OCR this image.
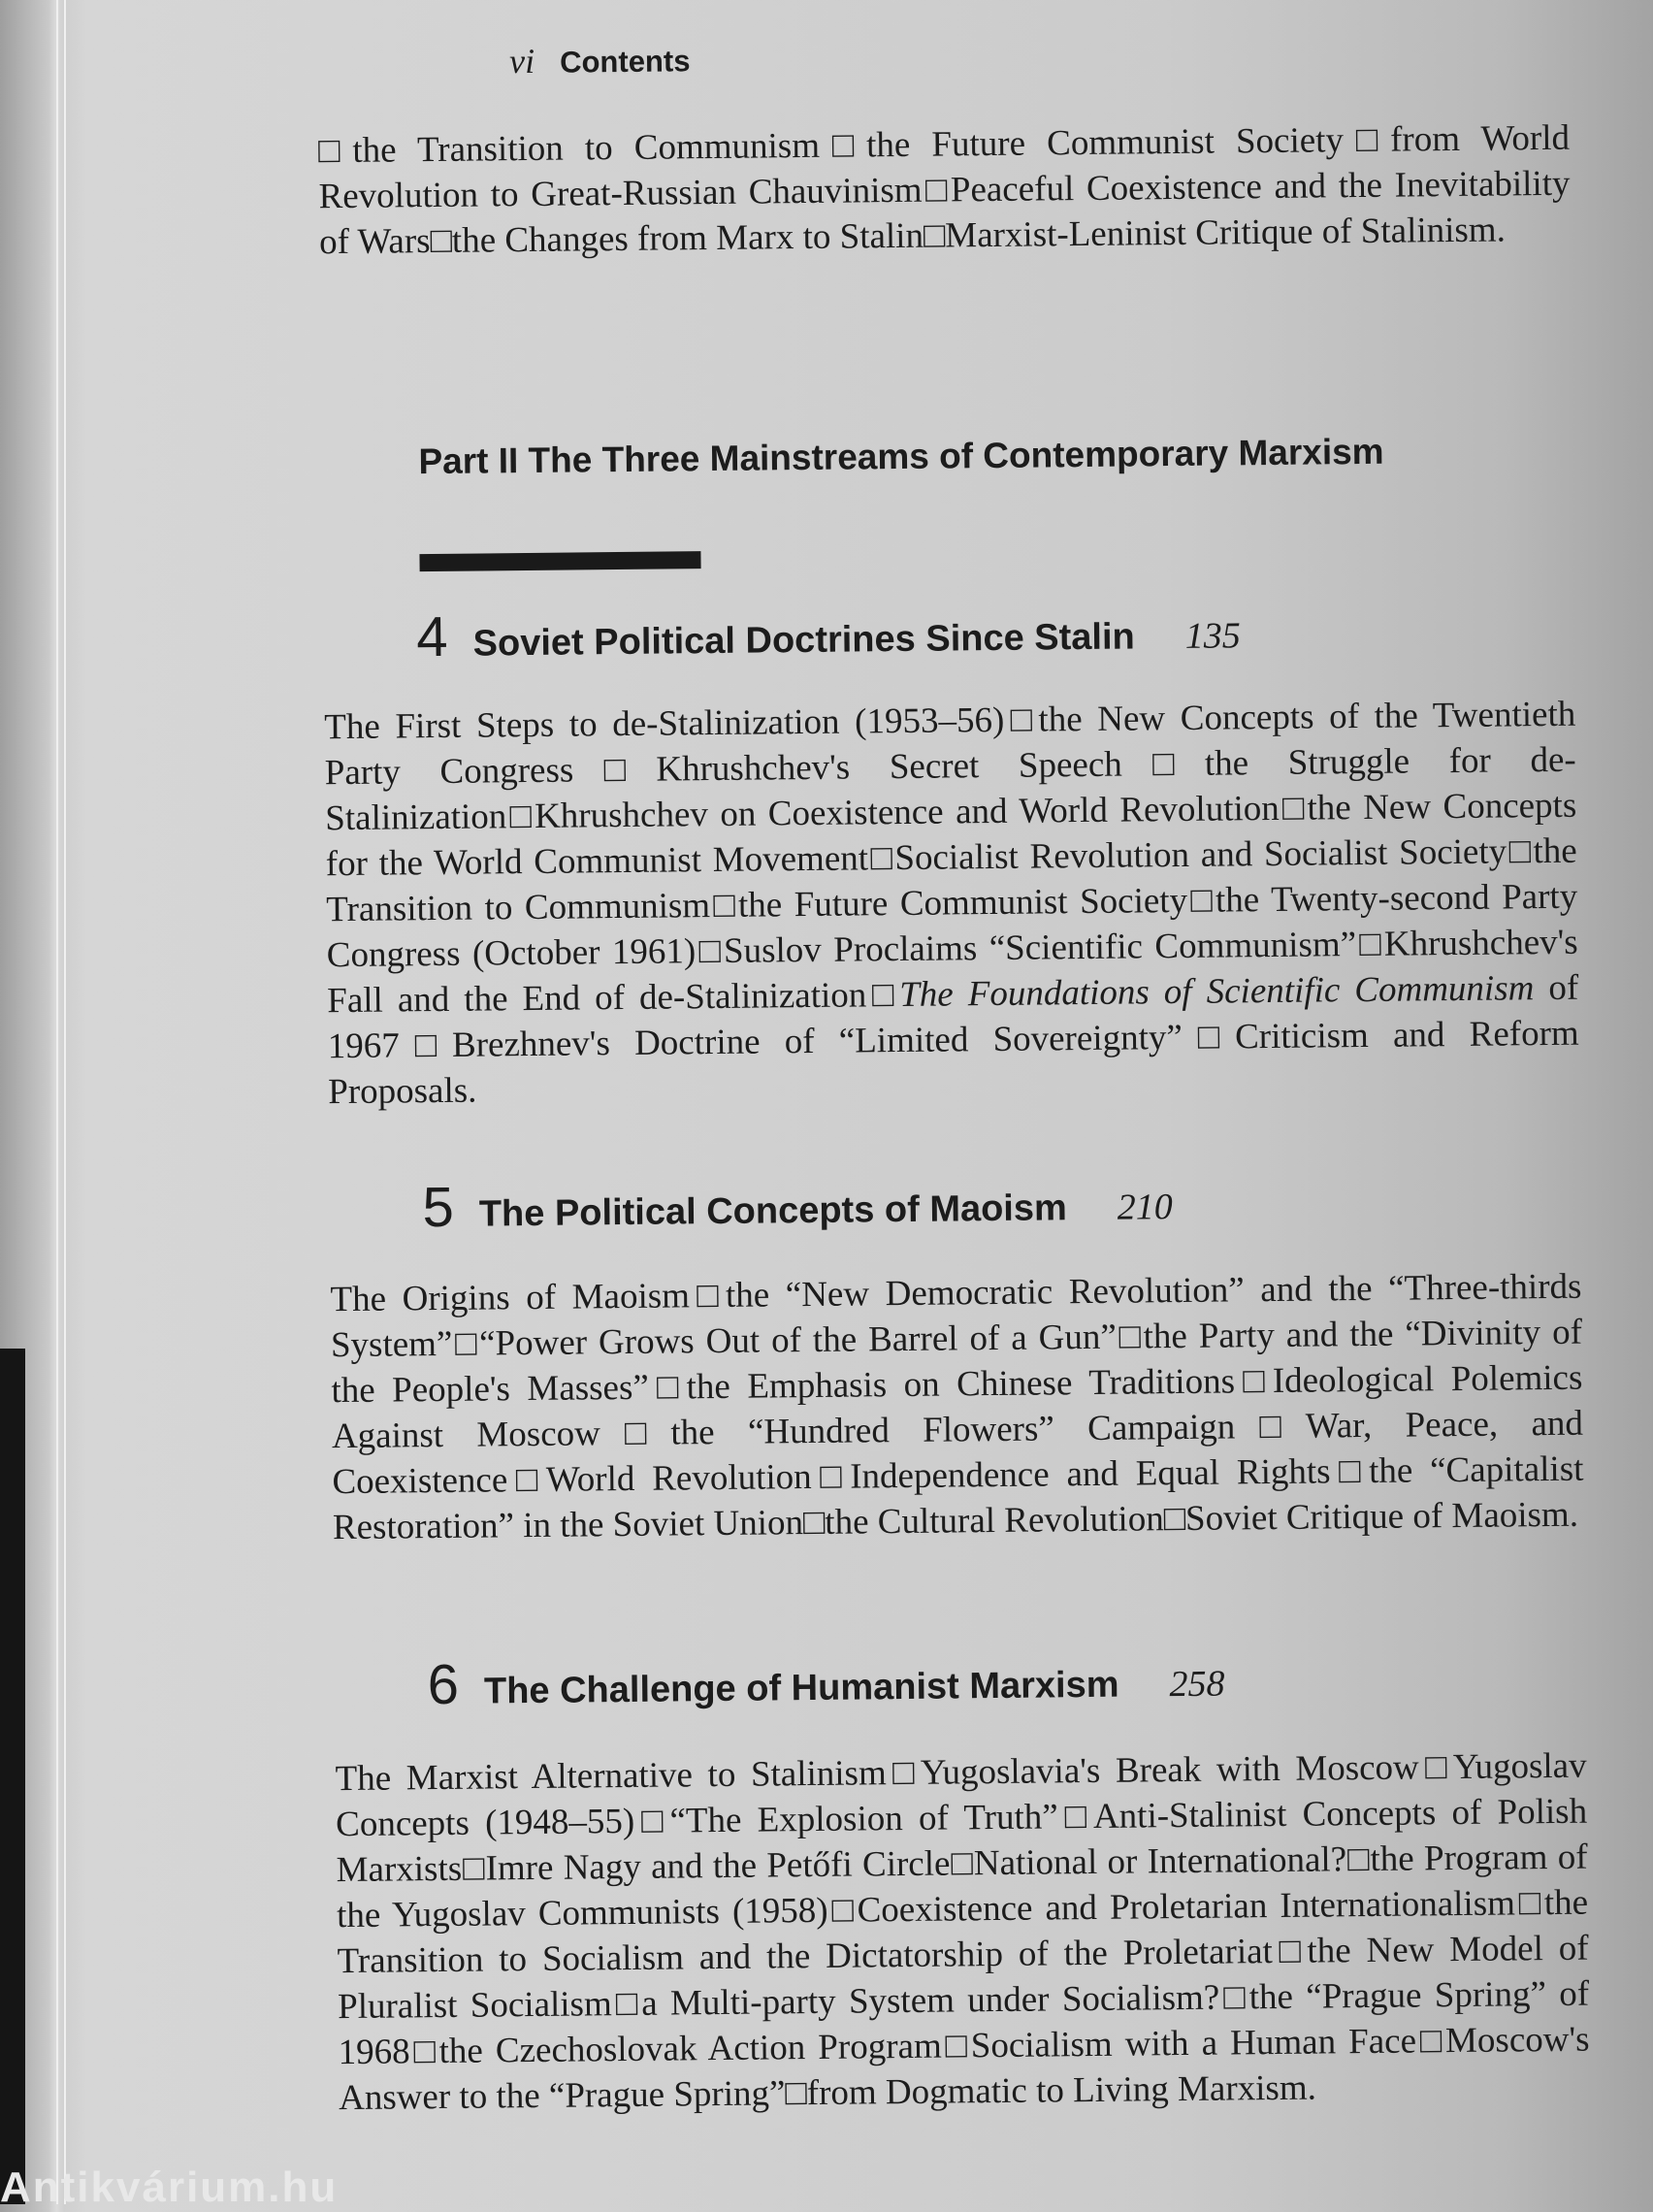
vi Contents
□the Transition to Communism□the Future Communist Society□from World Revolution to Great-Russian Chauvinism□Peaceful Coexistence and the Inevitability of Wars□the Changes from Marx to Stalin□Marxist-Leninist Critique of Stalinism.
Part II The Three Mainstreams of Contemporary Marxism
4 Soviet Political Doctrines Since Stalin 135
The First Steps to de-Stalinization (1953–56)□the New Concepts of the Twentieth Party Congress□Khrushchev's Secret Speech□the Struggle for de-Stalinization□Khrushchev on Coexistence and World Revolution□the New Concepts for the World Communist Movement□Socialist Revolution and Socialist Society□the Transition to Communism□the Future Communist Society□the Twenty-second Party Congress (October 1961)□Suslov Proclaims “Scientific Communism”□Khrushchev's Fall and the End of de-Stalinization□The Foundations of Scientific Communism of 1967□Brezhnev's Doctrine of “Limited Sovereignty”□Criticism and Reform Proposals.
5 The Political Concepts of Maoism 210
The Origins of Maoism□the “New Democratic Revolution” and the “Three-thirds System”□“Power Grows Out of the Barrel of a Gun”□the Party and the “Divinity of the People's Masses”□the Emphasis on Chinese Traditions□Ideological Polemics Against Moscow□the “Hundred Flowers” Campaign□War, Peace, and Coexistence□World Revolution□Independence and Equal Rights□the “Capitalist Restoration” in the Soviet Union□the Cultural Revolution□Soviet Critique of Maoism.
6 The Challenge of Humanist Marxism 258
The Marxist Alternative to Stalinism□Yugoslavia's Break with Moscow□Yugoslav Concepts (1948–55)□“The Explosion of Truth”□Anti-Stalinist Concepts of Polish Marxists□Imre Nagy and the Petőfi Circle□National or International?□the Program of the Yugoslav Communists (1958)□Coexistence and Proletarian Internationalism□the Transition to Socialism and the Dictatorship of the Proletariat□the New Model of Pluralist Socialism□a Multi-party System under Socialism?□the “Prague Spring” of 1968□the Czechoslovak Action Program□Socialism with a Human Face□Moscow's Answer to the “Prague Spring”□from Dogmatic to Living Marxism.
Antikvárium.hu
